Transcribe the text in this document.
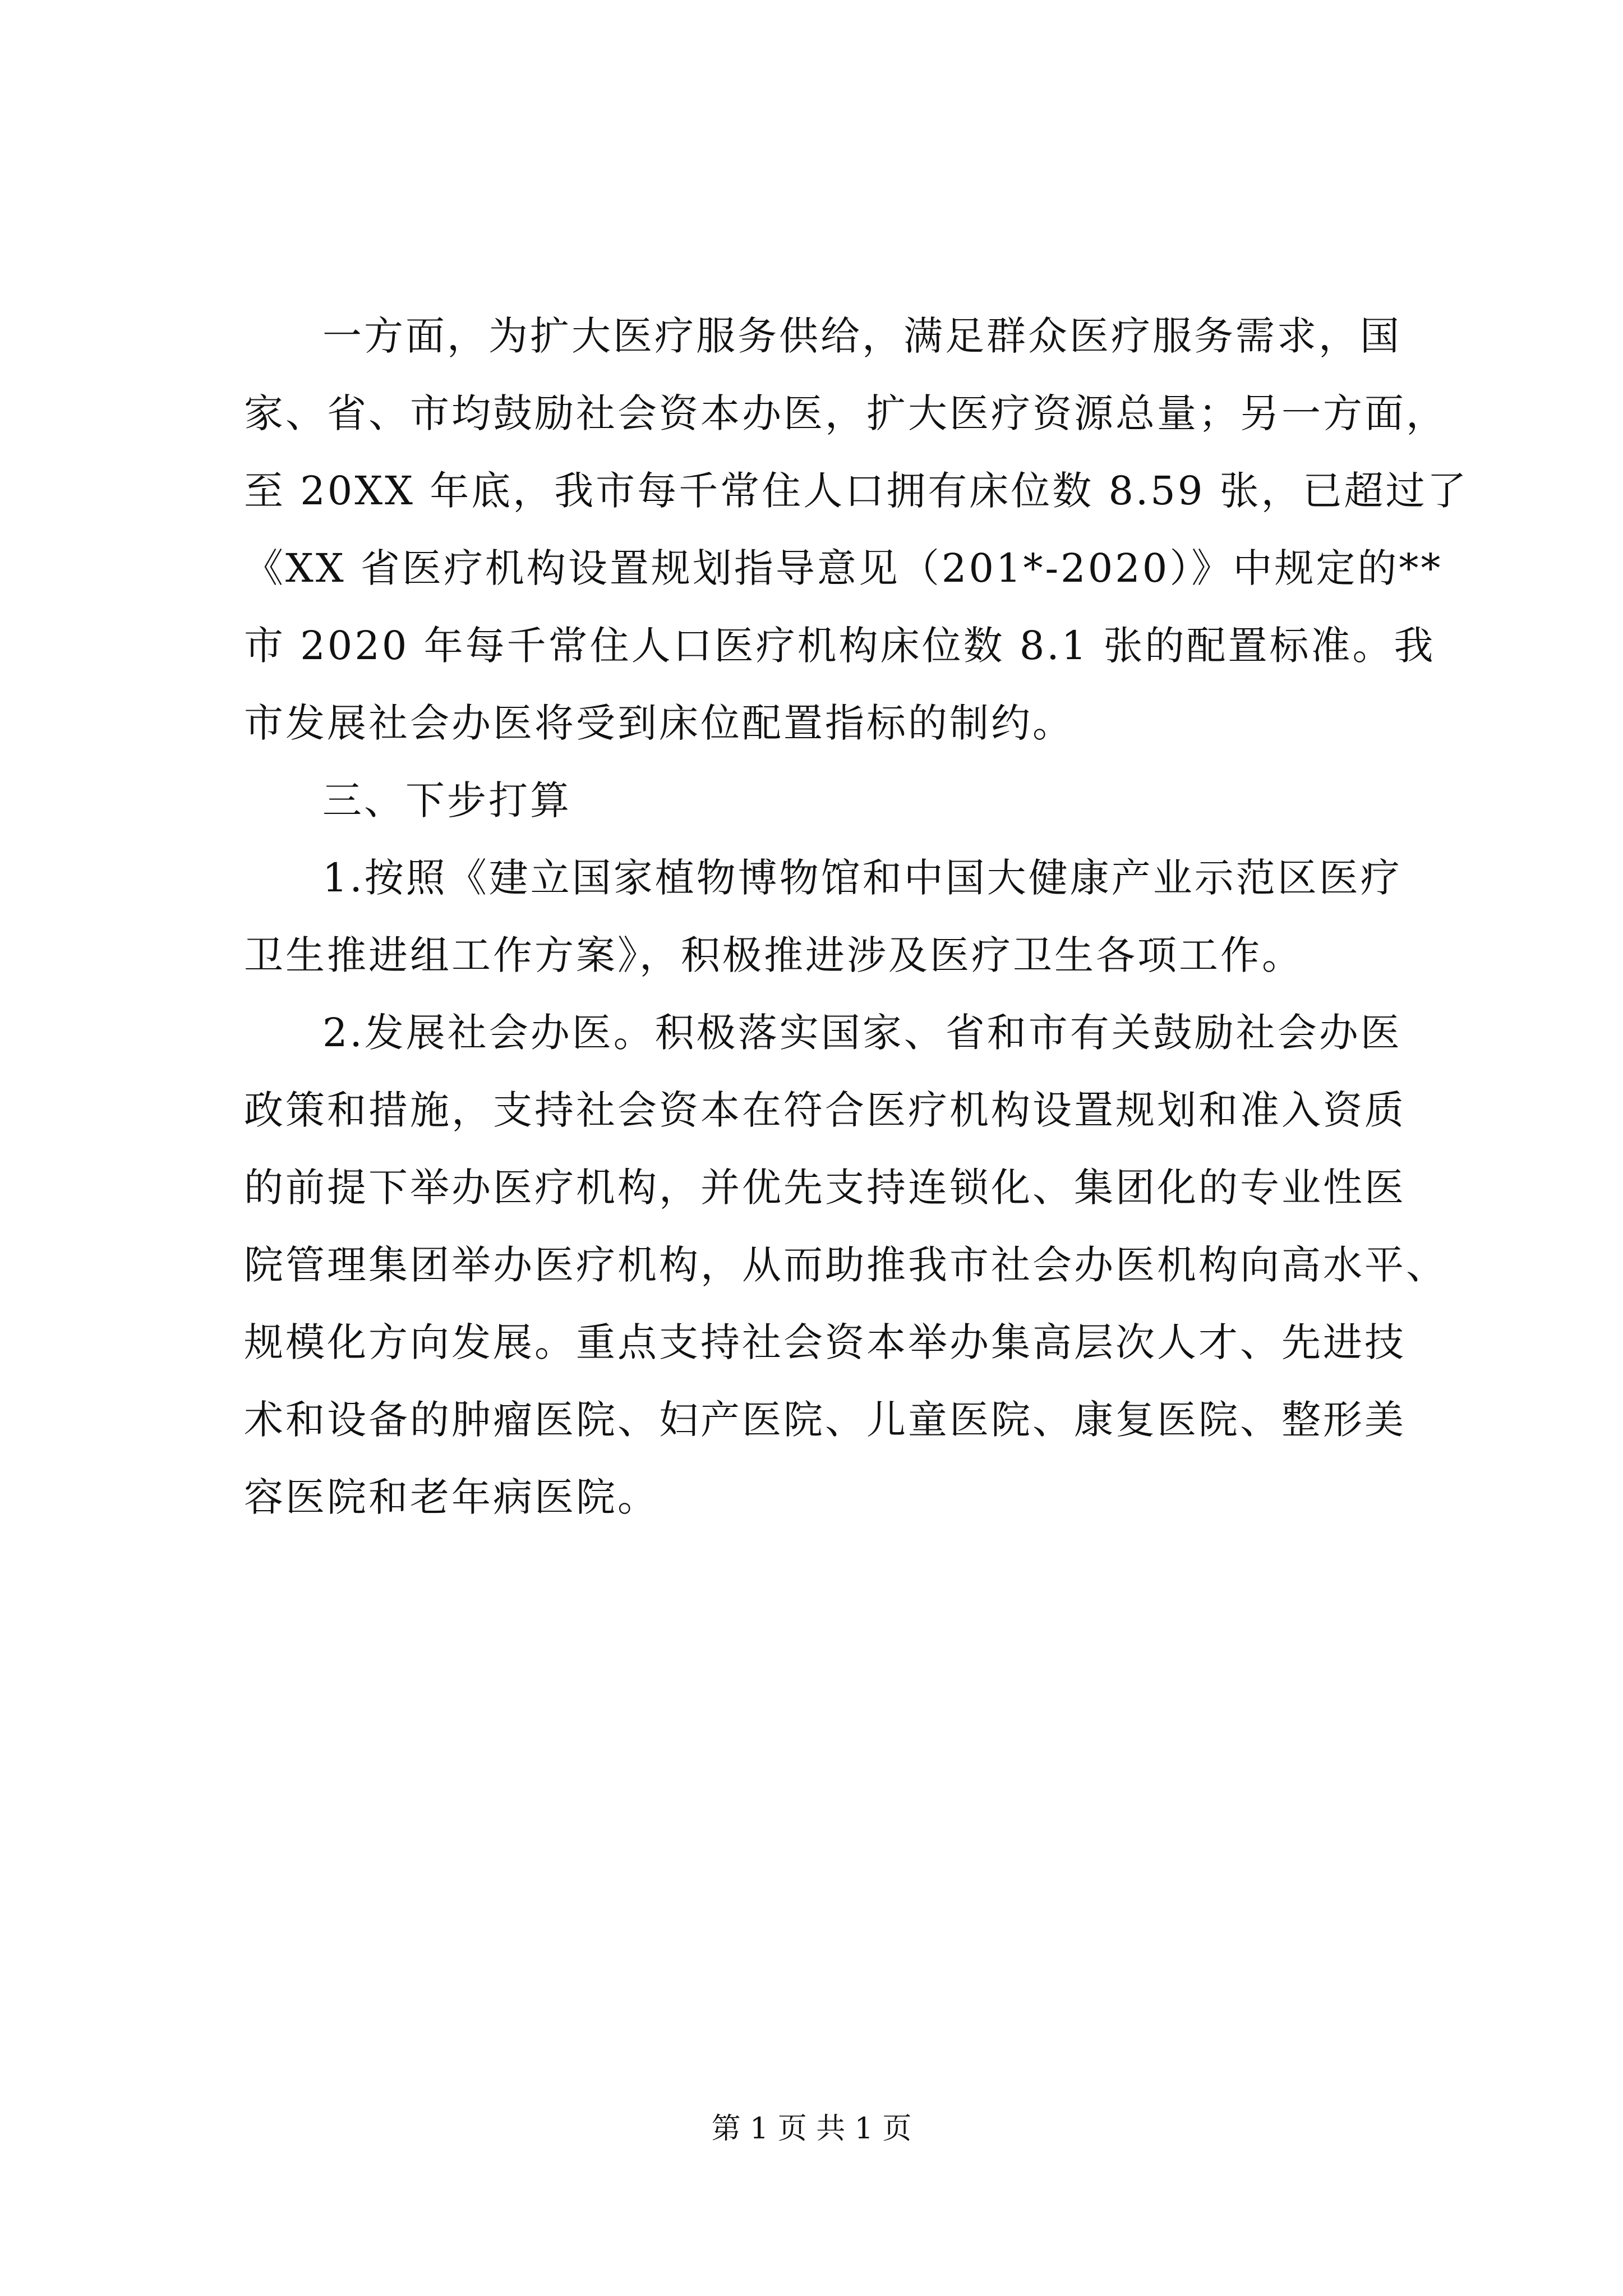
一方面，为扩大医疗服务供给，满足群众医疗服务需求，国
家、省、市均鼓励社会资本办医，扩大医疗资源总量；另一方面，
至 20XX 年底，我市每千常住人口拥有床位数 8.59 张，已超过了
《XX 省医疗机构设置规划指导意见（201*-2020）》中规定的**
市 2020 年每千常住人口医疗机构床位数 8.1 张的配置标准。我
市发展社会办医将受到床位配置指标的制约。
三、下步打算
1.按照《建立国家植物博物馆和中国大健康产业示范区医疗
卫生推进组工作方案》，积极推进涉及医疗卫生各项工作。
2.发展社会办医。积极落实国家、省和市有关鼓励社会办医
政策和措施，支持社会资本在符合医疗机构设置规划和准入资质
的前提下举办医疗机构，并优先支持连锁化、集团化的专业性医
院管理集团举办医疗机构，从而助推我市社会办医机构向高水平、
规模化方向发展。重点支持社会资本举办集高层次人才、先进技
术和设备的肿瘤医院、妇产医院、儿童医院、康复医院、整形美
容医院和老年病医院。
第 1 页 共 1 页
